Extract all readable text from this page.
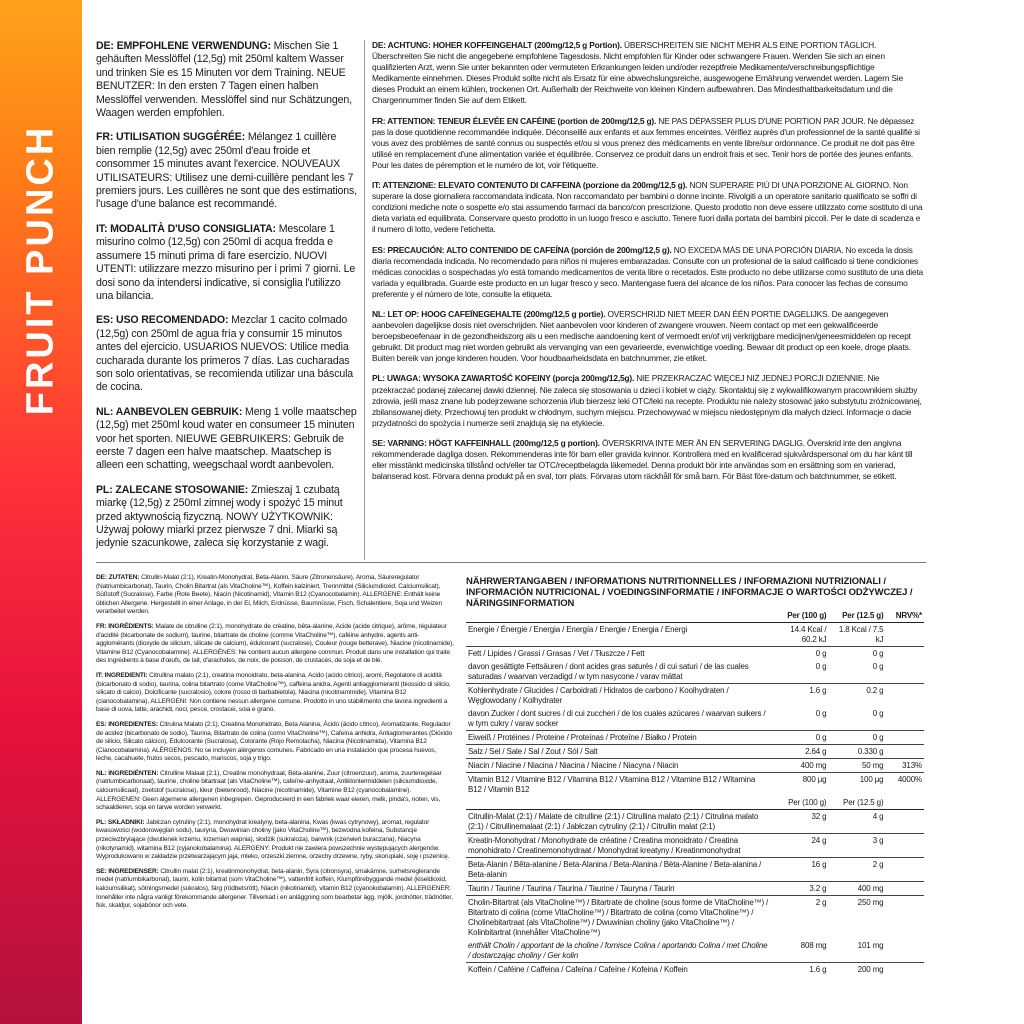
FRUIT PUNCH
DE: EMPFOHLENE VERWENDUNG: Mischen Sie 1 gehäuften Messlöffel (12,5g) mit 250ml kaltem Wasser und trinken Sie es 15 Minuten vor dem Training. NEUE BENUTZER: In den ersten 7 Tagen einen halben Messlöffel verwenden. Messlöffel sind nur Schätzungen, Waagen werden empfohlen.
FR: UTILISATION SUGGÉRÉE: Mélangez 1 cuillère bien remplie (12,5g) avec 250ml d'eau froide et consommer 15 minutes avant l'exercice. NOUVEAUX UTILISATEURS: Utilisez une demi-cuillère pendant les 7 premiers jours. Les cuillères ne sont que des estimations, l'usage d'une balance est recommandé.
IT: MODALITÀ D'USO CONSIGLIATA: Mescolare 1 misurino colmo (12,5g) con 250ml di acqua fredda e assumere 15 minuti prima di fare esercizio. NUOVI UTENTI: utilizzare mezzo misurino per i primi 7 giorni. Le dosi sono da intendersi indicative, si consiglia l'utilizzo una bilancia.
ES: USO RECOMENDADO: Mezclar 1 cacito colmado (12,5g) con 250ml de agua fría y consumir 15 minutos antes del ejercicio. USUARIOS NUEVOS: Utilice media cucharada durante los primeros 7 días. Las cucharadas son solo orientativas, se recomienda utilizar una báscula de cocina.
NL: AANBEVOLEN GEBRUIK: Meng 1 volle maatschep (12,5g) met 250ml koud water en consumeer 15 minuten voor het sporten. NIEUWE GEBRUIKERS: Gebruik de eerste 7 dagen een halve maatschep. Maatschep is alleen een schatting, weegschaal wordt aanbevolen.
PL: ZALECANE STOSOWANIE: Zmieszaj 1 czubatą miarkę (12,5g) z 250ml zimnej wody i spożyć 15 minut przed aktywnością fizyczną. NOWY UŻYTKOWNIK: Używaj połowy miarki przez pierwsze 7 dni. Miarki są jedynie szacunkowe, zaleca się korzystanie z wagi.
DE: ACHTUNG: HOHER KOFFEINGEHALT (200mg/12,5 g Portion). ÜBERSCHREITEN SIE NICHT MEHR ALS EINE PORTION TÄGLICH. Überschreiten Sie nicht die angegebene empfohlene Tagesdosis. Nicht empfohlen für Kinder oder schwangere Frauen. Wenden Sie sich an einen qualifizierten Arzt, wenn Sie unter bekannten oder vermuteten Erkrankungen leiden und/oder rezeptfreie Medikamente/verschreibungspflichtige Medikamente einnehmen. Dieses Produkt sollte nicht als Ersatz für eine abwechslungsreiche, ausgewogene Ernährung verwendet werden. Lagern Sie dieses Produkt an einem kühlen, trockenen Ort. Außerhalb der Reichweite von kleinen Kindern aufbewahren. Das Mindesthaltbarkeitsdatum und die Chargennummer finden Sie auf dem Etikett.
FR: ATTENTION: TENEUR ÉLEVÉE EN CAFÉINE (portion de 200mg/12,5 g). NE PAS DÉPASSER PLUS D'UNE PORTION PAR JOUR. Ne dépassez pas la dose quotidienne recommandée indiquée. Déconseillé aux enfants et aux femmes enceintes. Vérifiez auprès d'un professionnel de la santé qualifié si vous avez des problèmes de santé connus ou suspectés et/ou si vous prenez des médicaments en vente libre/sur ordonnance. Ce produit ne doit pas être utilisé en remplacement d'une alimentation variée et équilibrée. Conservez ce produit dans un endroit frais et sec. Tenir hors de portée des jeunes enfants. Pour les dates de péremption et le numéro de lot, voir l'étiquette.
IT: ATTENZIONE: ELEVATO CONTENUTO DI CAFFEINA (porzione da 200mg/12,5 g). NON SUPERARE PIÙ DI UNA PORZIONE AL GIORNO. Non superare la dose giornaliera raccomandata indicata. Non raccomandato per bambini o donne incinte. Rivolgiti a un operatore sanitario qualificato se soffri di condizioni mediche note o sospette e/o stai assumendo farmaci da banco/con prescrizione. Questo prodotto non deve essere utilizzato come sostituto di una dieta variata ed equilibrata. Conservare questo prodotto in un luogo fresco e asciutto. Tenere fuori dalla portata dei bambini piccoli. Per le date di scadenza e il numero di lotto, vedere l'etichetta.
ES: PRECAUCIÓN: ALTO CONTENIDO DE CAFEÍNA (porción de 200mg/12,5 g). NO EXCEDA MÁS DE UNA PORCIÓN DIARIA. No exceda la dosis diaria recomendada indicada. No recomendado para niños ni mujeres embarazadas. Consulte con un profesional de la salud calificado si tiene condiciones médicas conocidas o sospechadas y/o está tomando medicamentos de venta libre o recetados. Este producto no debe utilizarse como sustituto de una dieta variada y equilibrada. Guarde este producto en un lugar fresco y seco. Mantengase fuera del alcance de los niños. Para conocer las fechas de consumo preferente y el número de lote, consulte la etiqueta.
NL: LET OP: HOOG CAFEÏNEGEHALTE (200mg/12,5 g portie). OVERSCHRIJD NIET MEER DAN ÉÉN PORTIE DAGELIJKS. De aangegeven aanbevolen dagelijkse dosis niet overschrijden. Niet aanbevolen voor kinderen of zwangere vrouwen. Neem contact op met een gekwalificeerde beroepsbeoefenaar in de gezondheidszorg als u een medische aandoening kent of vermoedt en/of vrij verkrijgbare medicijnen/geneesmiddelen op recept gebruikt. Dit product mag niet worden gebruikt als vervanging van een gevarieerde, evenwichtige voeding. Bewaar dit product op een koele, droge plaats. Buiten bereik van jonge kinderen houden. Voor houdbaarheidsdata en batchnummer, zie etiket.
PL: UWAGA: WYSOKA ZAWARTOŚĆ KOFEINY (porcja 200mg/12,5g). NIE PRZEKRACZAĆ WIĘCEJ NIŻ JEDNEJ PORCJI DZIENNIE. Nie przekraczać podanej zalecanej dawki dziennej. Nie zaleca się stosowania u dzieci i kobiet w ciąży. Skontaktuj się z wykwalifikowanym pracownikiem służby zdrowia, jeśli masz znane lub podejrzewane schorzenia i/lub bierzesz leki OTC/leki na recepte. Produktu nie należy stosować jako substytutu zróżnicowanej, zbilansowanej diety. Przechowuj ten produkt w chłodnym, suchym miejscu. Przechowywać w miejscu niedostępnym dla małych dzieci. Informacje o dacie przydatności do spożycia i numerze serii znajdują się na etykiecie.
SE: VARNING: HÖGT KAFFEINHALL (200mg/12,5 g portion). ÖVERSKRIVA INTE MER ÄN EN SERVERING DAGLIG. Överskrid inte den angivna rekommenderade dagliga dosen. Rekommenderas inte för barn eller gravida kvinnor. Kontrollera med en kvalificerad sjukvårdspersonal om du har känt till eller misstänkt medicinska tillstånd och/eller tar OTC/receptbelagda läkemedel. Denna produkt bör inte användas som en ersättning som en varierad, balanserad kost. Förvara denna produkt på en sval, torr plats. Förvaras utom räckhåll för små barn. För Bäst före-datum och batchnummer, se etikett.
DE: ZUTATEN: Citrullin-Malat (2:1), Kreatin-Monohydrat, Beta-Alanin, Säure (Zitronensäure), Aroma, Säureregulator (Natriumbicarbonat), Taurin, Cholin Bitartrat (als VitaCholine™), Koffein kalziniert, Trennmittel (Siliciumdioxid, Calciumsilicat), Süßstoff (Sucralose), Farbe (Rote Beete), Niacin (Nicotinamid), Vitamin B12 (Cyanocobalamin). ALLERGENE: Enthält keine üblichen Allergene. Hergestellt in einer Anlage, in der Ei, Milch, Erdnüsse, Baumnüsse, Fisch, Schalentiere, Soja und Weizen verarbeitet werden.
FR: INGRÉDIENTS: Malate de citrulline (2:1), monohydrate de créatine, bêta-alanine, Acide (acide citrique), arôme, régulateur d'acidité (bicarbonate de sodium), taurine, bitartrate de choline (comme VitaCholine™), caféine anhydre, agents anti-agglomérants (dioxyde de silicium, silicate de calcium), édulcorant (sucralose), Couleur (rouge betterave), Niacine (nicotinamide), Vitamine B12 (Cyanocobalamine). ALLERGÈNES: Ne contient aucun allergène commun. Produit dans une installation qui traite des ingrédients à base d'œufs, de lait, d'arachides, de noix, de poisson, de crustacés, de soja et de blé.
IT: INGREDIENTI: Citrullina malato (2:1), creatina monoidrato, beta-alanina, Acido (acido citrico), aromi, Regolatore di acidità (bicarbonato di sodio), taurina, colina bitartrato (come VitaCholine™), caffeina anidra, Agenti antiagglomeranti (biossido di silicio, silicato di calcio), Dolcificante (sucralosio), colore (rosso di barbabietola), Niacina (nicotinammide), Vitamina B12 (cianocobalamina). ALLERGENI: Non contiene nessun allergene comune. Prodotto in uno stabilimento che lavora ingredienti a base di uova, latte, arachidi, noci, pesce, crostacei, soia e grano.
ES: INGREDIENTES: Citrulina Malato (2:1), Creatina Monohidrato, Beta Alanina, Ácido (ácido cítrico), Aromatizante, Regulador de acidez (bicarbonato de sodio), Taurina, Bitartrato de colina (como VitaCholine™), Cafeína anhidra, Antiaglomerantes (Dióxido de silicio, Silicato cálcico), Edulcorante (Sucralosa), Colorante (Rojo Remolacha), Niacina (Nicotinamida), Vitamina B12 (Cianocobalamina). ALÉRGENOS: No se incluyen alérgenos comunes. Fabricado en una instalación que procesa huevos, leche, cacahuete, frutos secos, pescado, mariscos, soja y trigo.
NL: INGREDIËNTEN: Citrulline Malaat (2:1), Creatine monohydraat, Bèta-alanine, Zuur (citroenzuur), aroma, zuurteregelaar (natriumbicarbonaat), taurine, choline bitartraat (als VitaCholine™), cafeïne-anhydraat, Antiklontermiddelen (siliciumdioxide, calciumsilicaat), zoetstof (sucralose), kleur (bietenrood), Niacine (nicotinamide), Vitamine B12 (cyanocobalamine). ALLERGENEN: Geen algemene allergenen inbegrepen. Geproduceerd in een fabriek waar eieren, melk, pinda's, noten, vis, schaaldieren, soja en tarwe worden verwerkt.
PL: SKŁADNIKI: Jabłczan cytruliny (2:1), monohydrat kreatyny, beta-alanina, Kwas (kwas cytrynowy), aromat, regulator kwasowości (wodorowęglan sodu), tauryna, Dwuwinian choliny (jako VitaCholine™), bezwodna kofeina, Substancje przeciwzbrylające (dwutlenek krzemu, krzemian wapnia), słodzik (sukraloza), barwnik (czerwień buraczana), Niacyna (nikotynamid), witamina B12 (cyjanokobalamina). ALERGENY: Produkt nie zawiera powszechnie występujących alergenów. Wyprodukowano w zakładzie przetwarzającym jaja, mleko, orzeszki ziemne, orzechy drzewne, ryby, skorupiaki, soję i pszenicę.
SE: INGREDIENSER: Citrullin malat (2:1), kreatinmonohydrat, beta-alanin, Syra (citronsyra), smakämne, surhetsreglerande medel (natriumbikarbonat), taurin, kolin bitartrat (som VitaCholine™), vattenfritt koffein, Klumpförebyggande medel (kiseldioxid, kalciumsilikat), sötningsmedel (sukralos), färg (rödbetsrött), Niacin (nikotinamid), vitamin B12 (cyanokobalamin). ALLERGENER: Innehåller inte några vanligt förekommande allergener. Tillverkad i en anläggning som bearbetar ägg, mjölk, jordnötter, trädnötter, fisk, skaldjur, sojabönor och vete.
NÄHRWERTANGABEN / INFORMATIONS NUTRITIONNELLES / INFORMAZIONI NUTRIZIONALI / INFORMACIÓN NUTRICIONAL / VOEDINGSINFORMATIE / INFORMACJE O WARTOŚCI ODŻYWCZEJ / NÄRINGSINFORMATION
	Per (100 g)	Per (12.5 g)	NRV%*
Energie / Énergie / Energia / Energía / Energie / Energia / Energi	14.4 Kcal / 60.2 kJ	1.8 Kcal / 7.5 kJ	
Fett / Lipides / Grassi / Grasas / Vet / Tłuszcze / Fett	0 g	0 g	
davon gesättigte Fettsäuren / dont acides gras saturés / di cui saturi / de las cuales saturadas / waarvan verzadigd / w tym nasycone / varav mättat	0 g	0 g	
Kohlenhydrate / Glucides / Carboidrati / Hidratos de carbono / Koolhydraten / Węglowodany / Kolhydrater	1.6 g	0.2 g	
davon Zucker / dont sucres / di cui zuccheri / de los cuales azúcares / waarvan suikers / w tym cukry / varav socker	0 g	0 g	
Eiweiß / Protéines / Proteine / Proteínas / Proteïne / Białko / Protein	0 g	0 g	
Salz / Sel / Sale / Sal / Zout / Sól / Salt	2.64 g	0.330 g	
Niacin / Niacine / Niacina / Niacina / Niacine / Niacyna / Niacin	400 mg	50 mg	313%
Vitamin B12 / Vitamine B12 / Vitamina B12 / Vitamina B12 / Vitamine B12 / Witamina B12 / Vitamin B12	800 µg	100 µg	4000%
	Per (100 g)	Per (12.5 g)	
Citrullin-Malat (2:1) / Malate de citrulline (2:1) / Citrullina malato (2:1) / Citrulina malato (2:1) / Citrullinemalaat (2:1) / Jabłczan cytruliny (2:1) / Citrullin malat (2:1)	32 g	4 g	
Kreatin-Monohydrat / Monohydrate de créatine / Creatina monoidrato / Creatina monohidrato / Creatinemonohydraat / Monohydrat kreatyny / Kreatinmonohydrat	24 g	3 g	
Beta-Alanin / Bêta-alanine / Beta-Alanina / Beta-Alanina / Bèta-Alanine / Beta-alanina / Beta-alanin	16 g	2 g	
Taurin / Taurine / Taurina / Taurina / Taurine / Tauryna / Taurin	3.2 g	400 mg	
Cholin-Bitartrat (als VitaCholine™) / Bitartrate de choline (sous forme de VitaCholine™) / Bitartrato di colina (come VitaCholine™) / Bitartrato de colina (como VitaCholine™) / Cholinebitartraat (als VitaCholine™) / Dwuwinian choliny (jako VitaCholine™) / Kolinbitartrat (innehåller VitaCholine™)	2 g	250 mg	
enthält Cholin / apportant de la choline / fornisce Colina / aportando Colina / met Choline / dostarczając choliny / Ger kolin	808 mg	101 mg	
Koffein / Caféine / Caffeina / Cafeína / Cafeïne / Kofeina / Koffein	1.6 g	200 mg	
